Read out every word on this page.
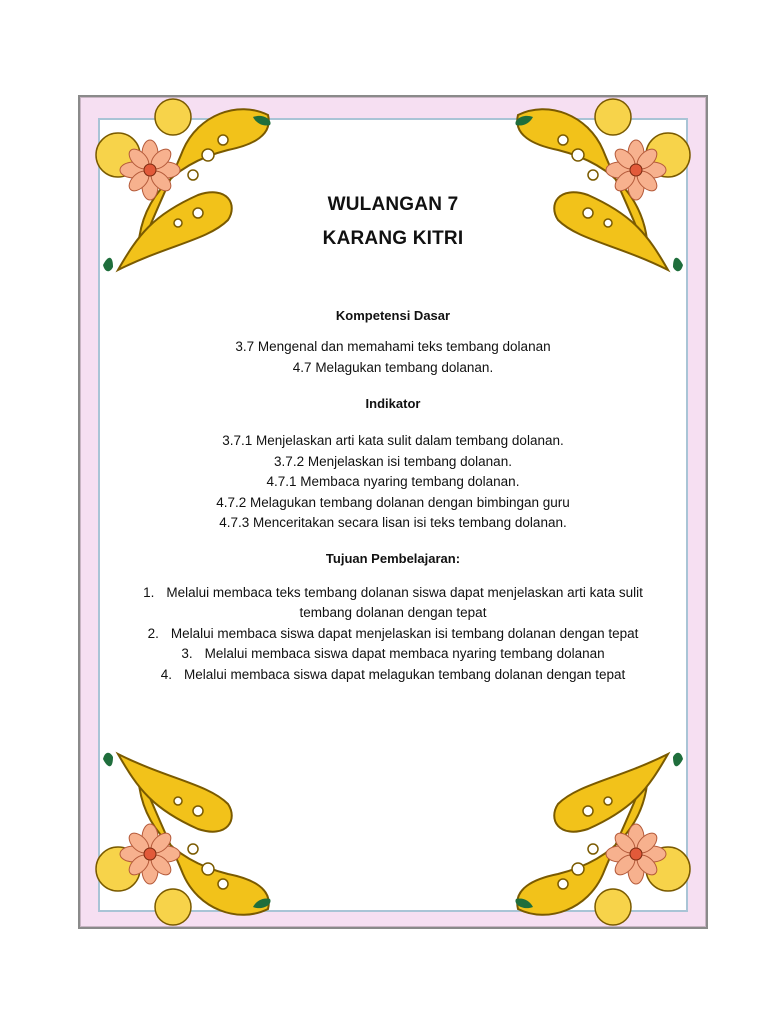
WULANGAN 7

KARANG KITRI

Kompetensi Dasar

3.7 Mengenal dan memahami teks tembang dolanan

4.7 Melagukan tembang dolanan.

Indikator

3.7.1 Menjelaskan arti kata sulit dalam tembang dolanan.

3.7.2 Menjelaskan isi tembang dolanan.

4.7.1 Membaca nyaring tembang dolanan.

4.7.2 Melagukan tembang dolanan dengan bimbingan guru

4.7.3 Menceritakan secara lisan isi teks tembang dolanan.

Tujuan Pembelajaran:

1. Melalui membaca teks tembang dolanan siswa dapat menjelaskan arti kata sulit

tembang dolanan dengan tepat

2. Melalui membaca siswa dapat menjelaskan isi tembang dolanan dengan tepat

3. Melalui membaca siswa dapat membaca nyaring tembang dolanan

4. Melalui membaca siswa dapat melagukan tembang dolanan dengan tepat
